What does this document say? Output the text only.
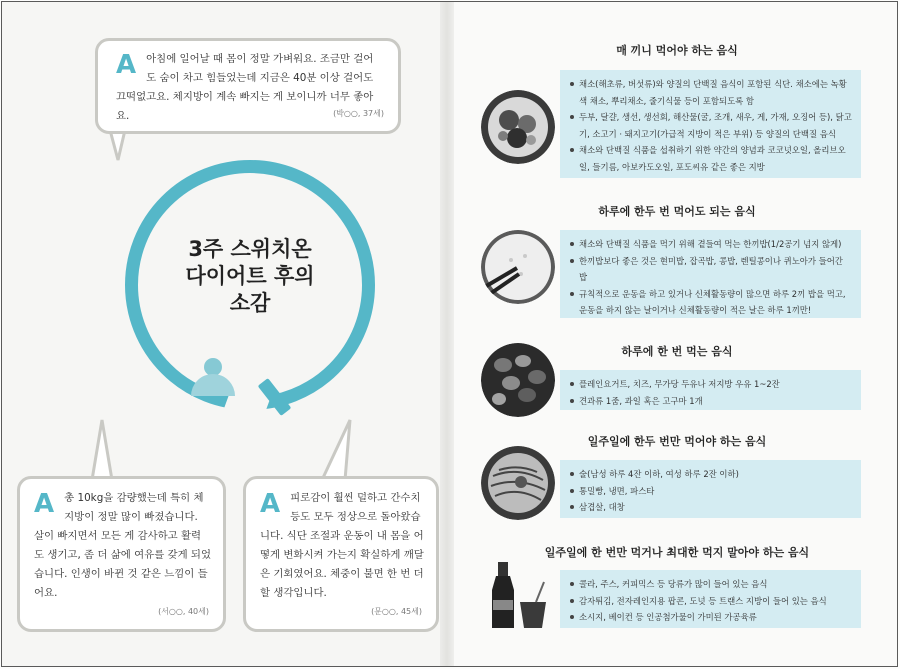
3주 스위치온
다이어트 후의
소감
A 아침에 일어날 때 몸이 정말 가벼워요. 조금만 걸어도 숨이 차고 힘들었는데 지금은 40분 이상 걸어도 끄떡없고요. 체지방이 계속 빠지는 게 보이니까 너무 좋아요.	(박○○, 37세)
A 총 10kg을 감량했는데 특히 체지방이 정말 많이 빠졌습니다. 살이 빠지면서 모든 게 감사하고 활력도 생기고, 좀 더 삶에 여유를 갖게 되었습니다. 인생이 바뀐 것 같은 느낌이 들어요.
(서○○, 40세)
A 피로감이 훨씬 덜하고 간수치 등도 모두 정상으로 돌아왔습니다. 식단 조절과 운동이 내 몸을 어떻게 변화시켜 가는지 확실하게 깨달은 기회였어요. 체중이 불면 한 번 더 할 생각입니다.
(문○○, 45세)
매 끼니 먹어야 하는 음식
채소(해초류, 버섯류)와 양질의 단백질 음식이 포함된 식단. 채소에는 녹황색 채소, 뿌리채소, 줄기식물 등이 포함되도록 함
두부, 달걀, 생선, 생선회, 해산물(굴, 조개, 새우, 게, 가재, 오징어 등), 닭고기, 소고기 · 돼지고기(가급적 지방이 적은 부위) 등 양질의 단백질 음식
채소와 단백질 식품을 섭취하기 위한 약간의 양념과 코코넛오일, 올리브오일, 들기름, 아보카도오일, 포도씨유 같은 좋은 지방
하루에 한두 번 먹어도 되는 음식
채소와 단백질 식품을 먹기 위해 곁들여 먹는 한끼밥(1/2공기 넘지 않게)
한끼밥보다 좋은 것은 현미밥, 잡곡밥, 콩밥, 렌틸콩이나 퀴노아가 들어간 밥
규칙적으로 운동을 하고 있거나 신체활동량이 많으면 하루 2끼 밥을 먹고, 운동을 하지 않는 날이거나 신체활동량이 적은 날은 하루 1끼만!
하루에 한 번 먹는 음식
플레인요거트, 치즈, 무가당 두유나 저지방 우유 1~2잔
견과류 1줌, 과일 혹은 고구마 1개
일주일에 한두 번만 먹어야 하는 음식
술(남성 하루 4잔 이하, 여성 하루 2잔 이하)
통밀빵, 냉면, 파스타
삼겹살, 대창
일주일에 한 번만 먹거나 최대한 먹지 말아야 하는 음식
콜라, 주스, 커피믹스 등 당류가 많이 들어 있는 음식
감자튀김, 전자레인지용 팝콘, 도넛 등 트랜스 지방이 들어 있는 음식
소시지, 베이컨 등 인공첨가물이 가미된 가공육류
